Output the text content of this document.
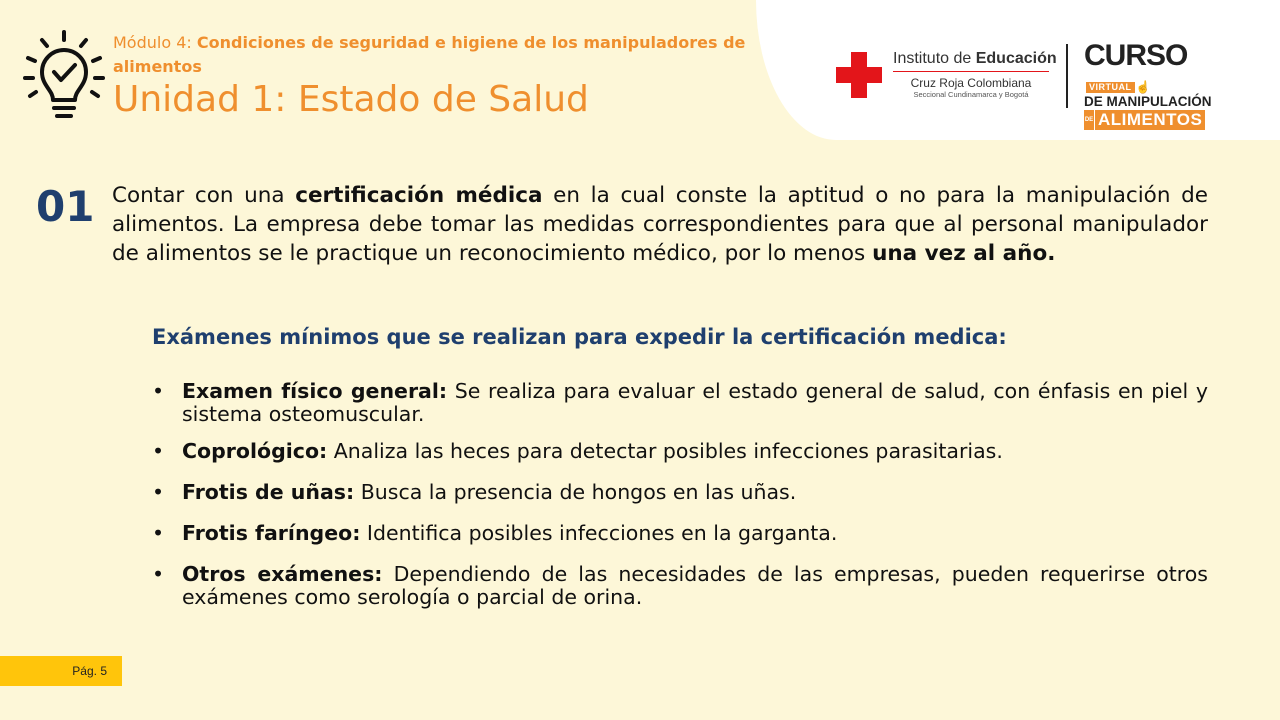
Módulo 4: Condiciones de seguridad e higiene de los manipuladores de alimentos
Unidad 1: Estado de Salud
Instituto de Educación
Cruz Roja Colombiana
Seccional Cundinamarca y Bogotá
CURSOVIRTUAL ☝
DE MANIPULACIÓN
DE ALIMENTOS
01 Contar con una certificación médica en la cual conste la aptitud o no para la manipulación de alimentos. La empresa debe tomar las medidas correspondientes para que al personal manipulador de alimentos se le practique un reconocimiento médico, por lo menos una vez al año.
Exámenes mínimos que se realizan para expedir la certificación medica:
• Examen físico general: Se realiza para evaluar el estado general de salud, con énfasis en piel y sistema osteomuscular.
• Coprológico: Analiza las heces para detectar posibles infecciones parasitarias.
• Frotis de uñas: Busca la presencia de hongos en las uñas.
• Frotis faríngeo: Identifica posibles infecciones en la garganta.
• Otros exámenes: Dependiendo de las necesidades de las empresas, pueden requerirse otros exámenes como serología o parcial de orina.
Pág. 5
